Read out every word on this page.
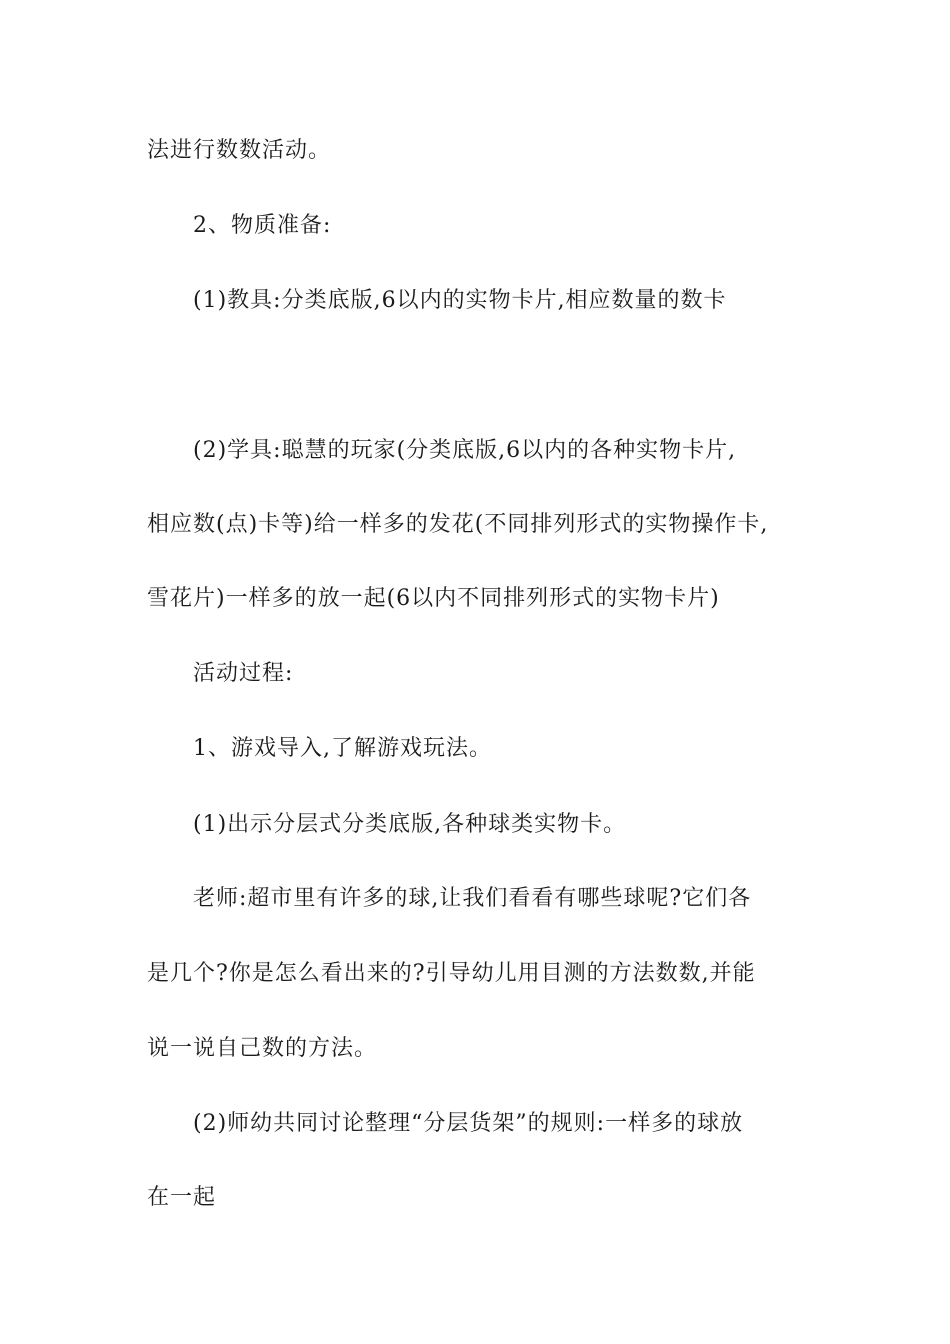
法进行数数活动。
2、物质准备:
(1)教具:分类底版,6以内的实物卡片,相应数量的数卡
(2)学具:聪慧的玩家(分类底版,6以内的各种实物卡片,
相应数(点)卡等)给一样多的发花(不同排列形式的实物操作卡,
雪花片)一样多的放一起(6以内不同排列形式的实物卡片)
活动过程:
1、游戏导入,了解游戏玩法。
(1)出示分层式分类底版,各种球类实物卡。
老师:超市里有许多的球,让我们看看有哪些球呢?它们各
是几个?你是怎么看出来的?引导幼儿用目测的方法数数,并能
说一说自己数的方法。
(2)师幼共同讨论整理“分层货架”的规则:一样多的球放
在一起
